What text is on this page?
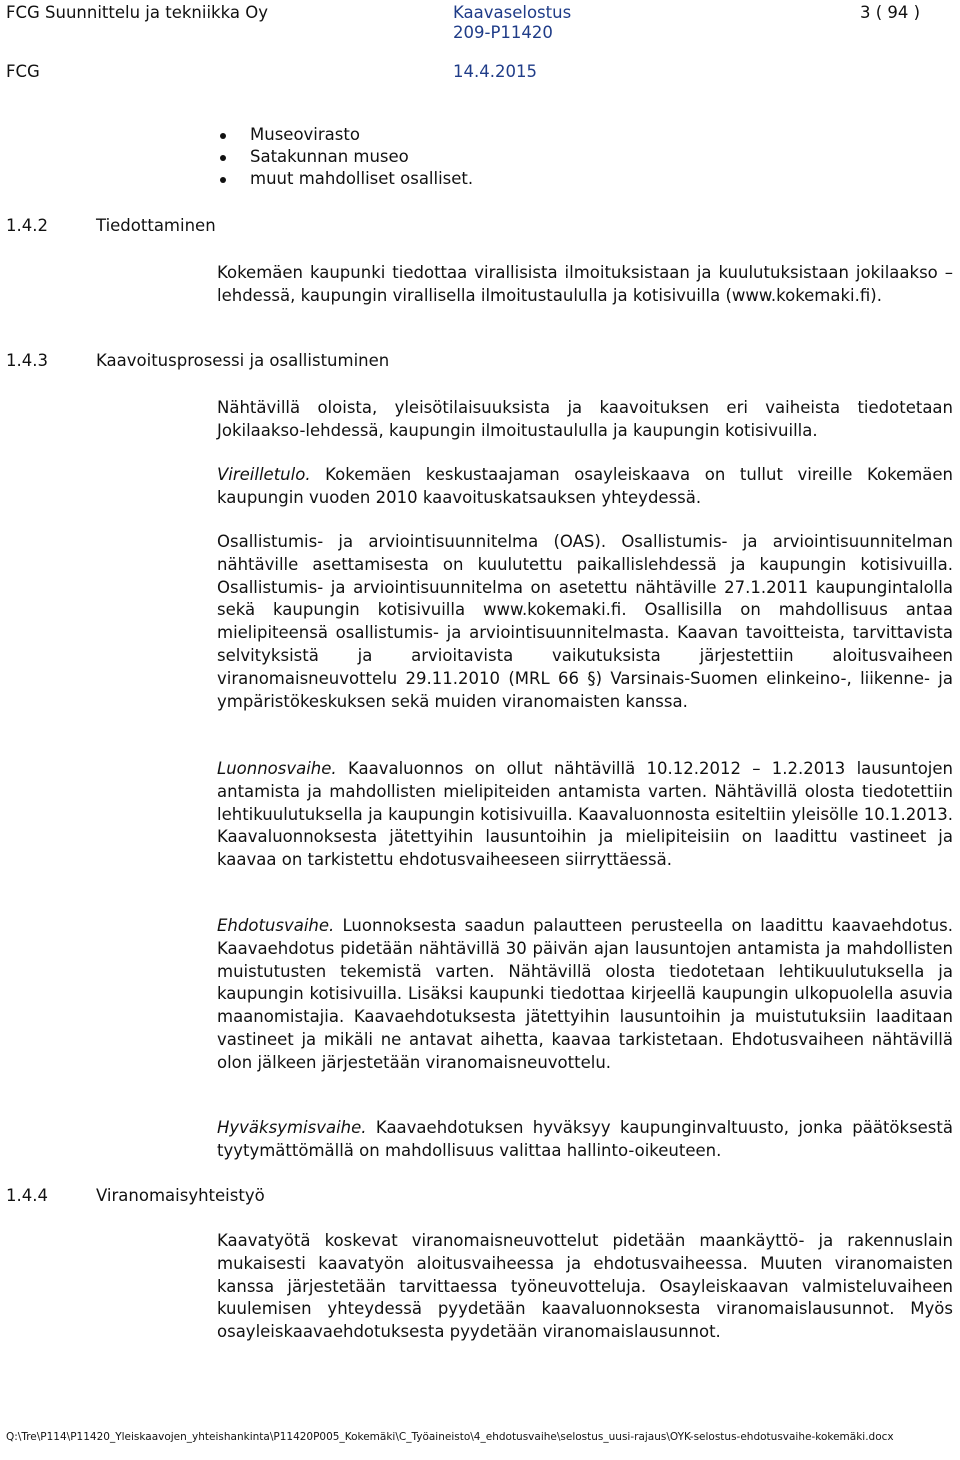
FCG Suunnittelu ja tekniikka Oy
FCG
Kaavaselostus
209-P11420
14.4.2015
3 ( 94 )
Museovirasto
Satakunnan museo
muut mahdolliset osalliset.
1.4.2	Tiedottaminen

Kokemäen kaupunki tiedottaa virallisista ilmoituksistaan ja kuulutuksistaan jokilaakso –lehdessä, kaupungin virallisella ilmoitustaululla ja kotisivuilla (www.kokemaki.fi).

1.4.3	Kaavoitusprosessi ja osallistuminen

Nähtävillä oloista, yleisötilaisuuksista ja kaavoituksen eri vaiheista tiedotetaan Jokilaakso-lehdessä, kaupungin ilmoitustaululla ja kaupungin kotisivuilla.

Vireilletulo. Kokemäen keskustaajaman osayleiskaava on tullut vireille Kokemäen kaupungin vuoden 2010 kaavoituskatsauksen yhteydessä.

Osallistumis- ja arviointisuunnitelma (OAS). Osallistumis- ja arviointisuunnitelman nähtäville asettamisesta on kuulutettu paikallislehdessä ja kaupungin kotisivuilla. Osallistumis- ja arviointisuunnitelma on asetettu nähtäville 27.1.2011 kaupungintalolla sekä kaupungin kotisivuilla www.kokemaki.fi. Osallisilla on mahdollisuus antaa mielipiteensä osallistumis- ja arviointisuunnitelmasta. Kaavan tavoitteista, tarvittavista selvityksistä ja arvioitavista vaikutuksista järjestettiin aloitusvaiheen viranomaisneuvottelu 29.11.2010 (MRL 66 §) Varsinais-Suomen elinkeino-, liikenne- ja ympäristökeskuksen sekä muiden viranomaisten kanssa.

Luonnosvaihe. Kaavaluonnos on ollut nähtävillä 10.12.2012 – 1.2.2013 lausuntojen antamista ja mahdollisten mielipiteiden antamista varten. Nähtävillä olosta tiedotettiin lehtikuulutuksella ja kaupungin kotisivuilla. Kaavaluonnosta esiteltiin yleisölle 10.1.2013. Kaavaluonnoksesta jätettyihin lausuntoihin ja mielipiteisiin on laadittu vastineet ja kaavaa on tarkistettu ehdotusvaiheeseen siirryttäessä.

Ehdotusvaihe. Luonnoksesta saadun palautteen perusteella on laadittu kaavaehdotus. Kaavaehdotus pidetään nähtävillä 30 päivän ajan lausuntojen antamista ja mahdollisten muistutusten tekemistä varten. Nähtävillä olosta tiedotetaan lehtikuulutuksella ja kaupungin kotisivuilla. Lisäksi kaupunki tiedottaa kirjeellä kaupungin ulkopuolella asuvia maanomistajia. Kaavaehdotuksesta jätettyihin lausuntoihin ja muistutuksiin laaditaan vastineet ja mikäli ne antavat aihetta, kaavaa tarkistetaan. Ehdotusvaiheen nähtävillä olon jälkeen järjestetään viranomaisneuvottelu.

Hyväksymisvaihe. Kaavaehdotuksen hyväksyy kaupunginvaltuusto, jonka päätöksestä tyytymättömällä on mahdollisuus valittaa hallinto-oikeuteen.

1.4.4	Viranomaisyhteistyö

Kaavatyötä koskevat viranomaisneuvottelut pidetään maankäyttö- ja rakennuslain mukaisesti kaavatyön aloitusvaiheessa ja ehdotusvaiheessa. Muuten viranomaisten kanssa järjestetään tarvittaessa työneuvotteluja. Osayleiskaavan valmisteluvaiheen kuulemisen yhteydessä pyydetään kaavaluonnoksesta viranomaislausunnot. Myös osayleiskaavaehdotuksesta pyydetään viranomaislausunnot.

Q:\Tre\P114\P11420_Yleiskaavojen_yhteishankinta\P11420P005_Kokemäki\C_Työaineisto\4_ehdotusvaihe\selostus_uusi-rajaus\OYK-selostus-ehdotusvaihe-kokemäki.docx
